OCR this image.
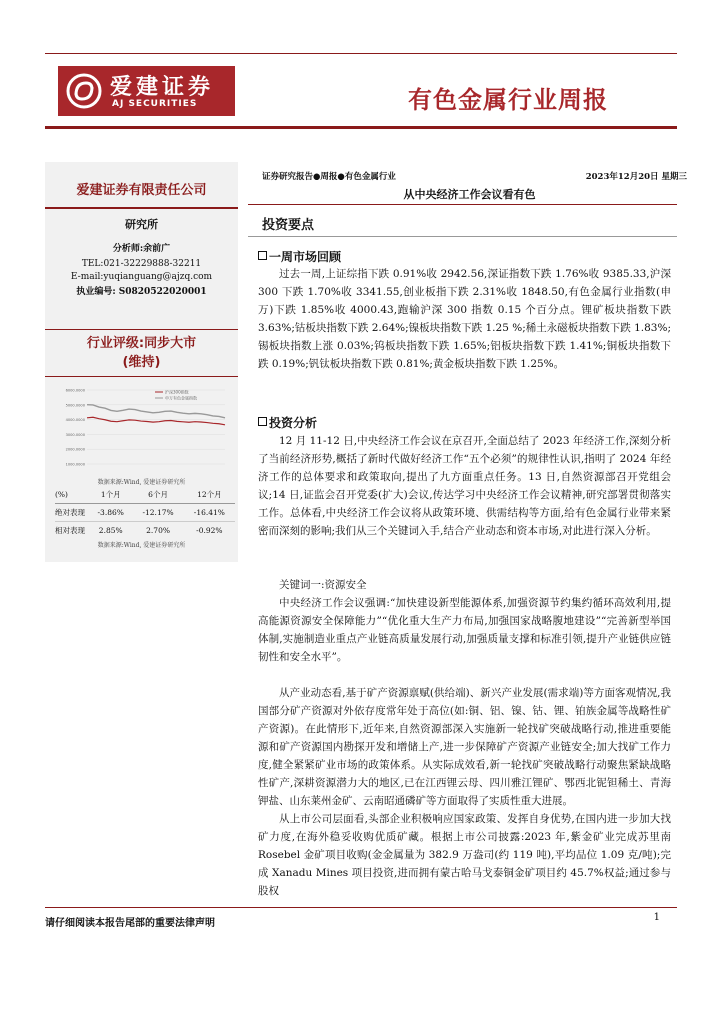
爱建证券
AJ SECURITIES	有色金属行业周报
爱建证券有限责任公司
研究所
分析师:余前广
TEL:021-32229888-32211
E-mail:yuqianguang@ajzq.com
执业编号: S0820522020001
行业评级:同步大市
(维持)
6000.0000
5000.0000
4000.0000
3000.0000
2000.0000
1000.0000
沪深300指数
申万有色金属指数
数据来源:Wind, 爱建证券研究所
(%)	1个月	6个月	12个月
绝对表现	-3.86%	-12.17%	-16.41%
相对表现	2.85%	2.70%	-0.92%
数据来源:Wind, 爱建证券研究所
证券研究报告●周报●有色金属行业	2023年12月20日 星期三
从中央经济工作会议看有色
投资要点
一周市场回顾

过去一周,上证综指下跌 0.91%收 2942.56,深证指数下跌 1.76%收 9385.33,沪深 300 下跌 1.70%收 3341.55,创业板指下跌 2.31%收 1848.50,有色金属行业指数(申万)下跌 1.85%收 4000.43,跑输沪深 300 指数 0.15 个百分点。锂矿板块指数下跌 3.63%;钴板块指数下跌 2.64%;镍板块指数下跌 1.25 %;稀土永磁板块指数下跌 1.83%;锡板块指数上涨 0.03%;钨板块指数下跌 1.65%;铝板块指数下跌 1.41%;铜板块指数下跌 0.19%;钒钛板块指数下跌 0.81%;黄金板块指数下跌 1.25%。

投资分析

12 月 11-12 日,中央经济工作会议在京召开,全面总结了 2023 年经济工作,深刻分析了当前经济形势,概括了新时代做好经济工作“五个必须”的规律性认识,指明了 2024 年经济工作的总体要求和政策取向,提出了九方面重点任务。13 日,自然资源部召开党组会议;14 日,证监会召开党委(扩大)会议,传达学习中央经济工作会议精神,研究部署贯彻落实工作。总体看,中央经济工作会议将从政策环境、供需结构等方面,给有色金属行业带来紧密而深刻的影响;我们从三个关键词入手,结合产业动态和资本市场,对此进行深入分析。

关键词一:资源安全

中央经济工作会议强调:“加快建设新型能源体系,加强资源节约集约循环高效利用,提高能源资源安全保障能力”“优化重大生产力布局,加强国家战略腹地建设”“完善新型举国体制,实施制造业重点产业链高质量发展行动,加强质量支撑和标准引领,提升产业链供应链韧性和安全水平”。

从产业动态看,基于矿产资源禀赋(供给端)、新兴产业发展(需求端)等方面客观情况,我国部分矿产资源对外依存度常年处于高位(如:铜、铝、镍、钴、锂、铂族金属等战略性矿产资源)。在此情形下,近年来,自然资源部深入实施新一轮找矿突破战略行动,推进重要能源和矿产资源国内勘探开发和增储上产,进一步保障矿产资源产业链安全;加大找矿工作力度,健全紧紧矿业市场的政策体系。从实际成效看,新一轮找矿突破战略行动聚焦紧缺战略性矿产,深耕资源潜力大的地区,已在江西锂云母、四川雅江锂矿、鄂西北铌钽稀土、青海钾盐、山东莱州金矿、云南昭通磷矿等方面取得了实质性重大进展。

从上市公司层面看,头部企业积极响应国家政策、发挥自身优势,在国内进一步加大找矿力度,在海外稳妥收购优质矿藏。根据上市公司披露:2023 年,紫金矿业完成苏里南 Rosebel 金矿项目收购(金金属量为 382.9 万盎司(约 119 吨),平均品位 1.09 克/吨);完成 Xanadu Mines 项目投资,进而拥有蒙古哈马戈泰铜金矿项目约 45.7%权益;通过参与股权

请仔细阅读本报告尾部的重要法律声明
1
